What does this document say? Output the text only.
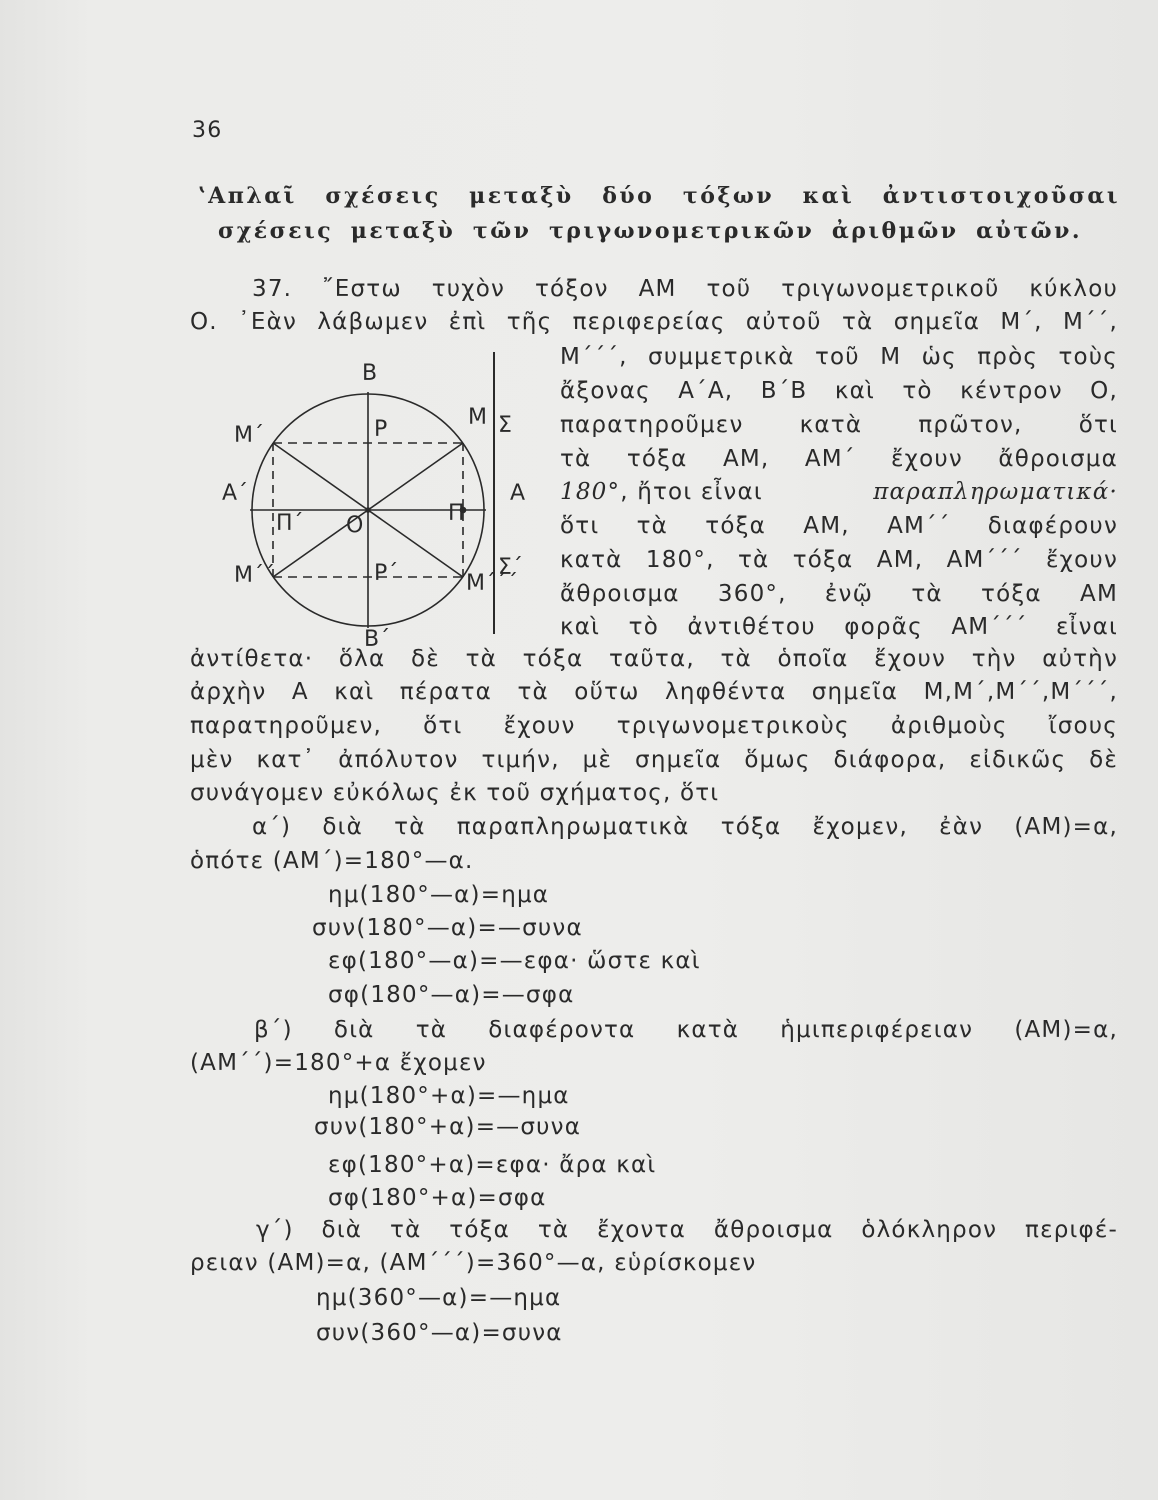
36
ʽΑπλαῖ σχέσεις μεταξὺ δύο τόξων καὶ ἀντιστοιχοῦσαι
σχέσεις μεταξὺ τῶν τριγωνομετρικῶν ἀριθμῶν αὐτῶν.
37. ῎Εστω τυχὸν τόξον ΑΜ τοῦ τριγωνομετρικοῦ κύκλου
Ο. ᾿Εὰν λάβωμεν ἐπὶ τῆς περιφερείας αὐτοῦ τὰ σημεῖα Μ΄, Μ΄΄,
Β
Β΄
Α΄	Α
Μ΄
Μ΄΄
Μ
Μ΄΄΄
Ρ
Ρ΄
Π΄ Ο	Π
Σ
Σ΄
Μ΄΄΄, συμμετρικὰ τοῦ Μ ὡς πρὸς τοὺς
ἄξονας Α΄Α, Β΄Β καὶ τὸ κέντρον Ο,
παρατηροῦμεν κατὰ πρῶτον, ὅτι
τὰ τόξα ΑΜ, ΑΜ΄ ἔχουν ἄθροισμα
180°, ἤτοι εἶναι	παραπληρωματικά·
ὅτι τὰ τόξα ΑΜ, ΑΜ΄΄ διαφέρουν
κατὰ 180°, τὰ τόξα ΑΜ, ΑΜ΄΄΄ ἔχουν
ἄθροισμα 360°, ἐνῷ τὰ τόξα ΑΜ
καὶ τὸ ἀντιθέτου φορᾶς ΑΜ΄΄΄ εἶναι
ἀντίθετα· ὅλα δὲ τὰ τόξα ταῦτα, τὰ ὁποῖα ἔχουν τὴν αὐτὴν
ἀρχὴν Α καὶ πέρατα τὰ οὕτω ληφθέντα σημεῖα Μ,Μ΄,Μ΄΄,Μ΄΄΄,
παρατηροῦμεν, ὅτι ἔχουν τριγωνομετρικοὺς ἀριθμοὺς ἴσους
μὲν κατ᾿ ἀπόλυτον τιμήν, μὲ σημεῖα ὅμως διάφορα, εἰδικῶς δὲ
συνάγομεν εὐκόλως ἐκ τοῦ σχήματος, ὅτι
α΄) διὰ τὰ παραπληρωματικὰ τόξα ἔχομεν, ἐὰν (ΑΜ)=α,
ὁπότε (ΑΜ΄)=180°—α.
ημ(180°—α)=ημα
συν(180°—α)=—συνα
εφ(180°—α)=—εφα· ὥστε καὶ
σφ(180°—α)=—σφα
β΄) διὰ τὰ διαφέροντα κατὰ ἡμιπεριφέρειαν (ΑΜ)=α,
(ΑΜ΄΄)=180°+α ἔχομεν
ημ(180°+α)=—ημα
συν(180°+α)=—συνα
εφ(180°+α)=εφα· ἄρα καὶ
σφ(180°+α)=σφα
γ΄) διὰ τὰ τόξα τὰ ἔχοντα ἄθροισμα ὁλόκληρον περιφέ-
ρειαν (ΑΜ)=α, (ΑΜ΄΄΄)=360°—α, εὑρίσκομεν
ημ(360°—α)=—ημα
συν(360°—α)=συνα
